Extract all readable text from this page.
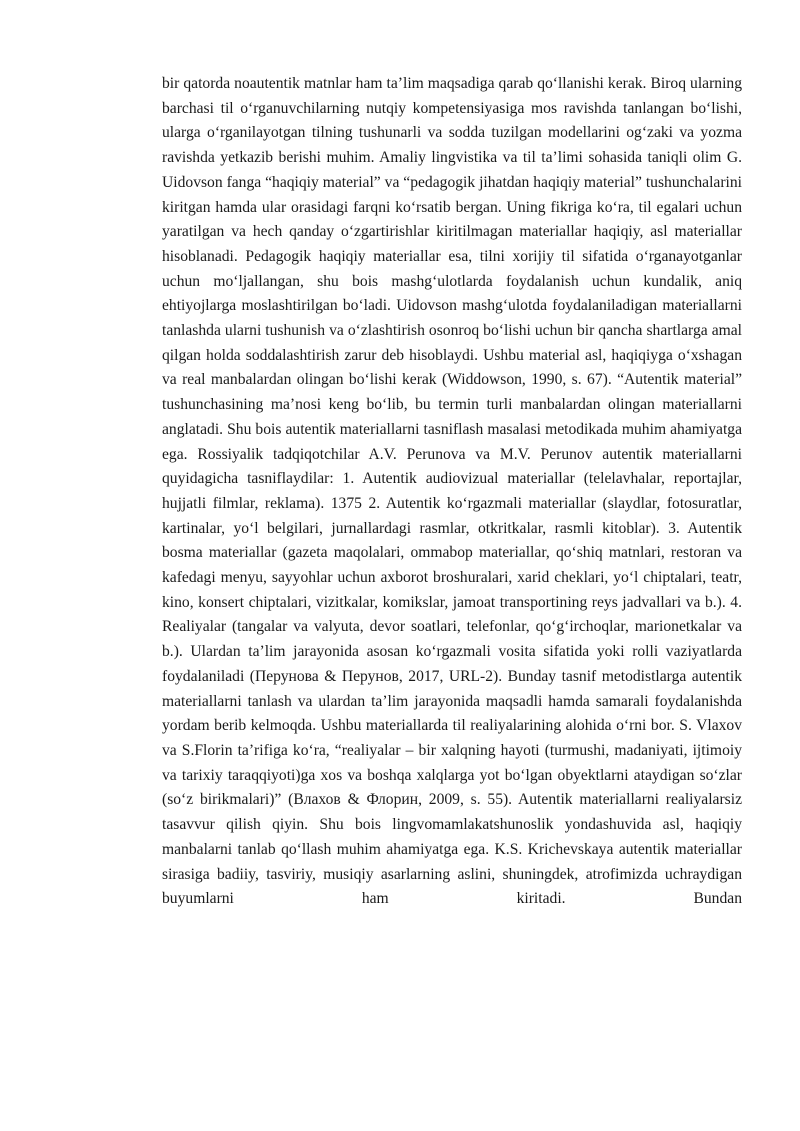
bir qatorda noautentik matnlar ham ta’lim maqsadiga qarab qo‘llanishi kerak. Biroq ularning barchasi til o‘rganuvchilarning nutqiy kompetensiyasiga mos ravishda tanlangan bo‘lishi, ularga o‘rganilayotgan tilning tushunarli va sodda tuzilgan modellarini og‘zaki va yozma ravishda yetkazib berishi muhim. Amaliy lingvistika va til ta’limi sohasida taniqli olim G. Uidovson fanga “haqiqiy material” va “pedagogik jihatdan haqiqiy material” tushunchalarini kiritgan hamda ular orasidagi farqni ko‘rsatib bergan. Uning fikriga ko‘ra, til egalari uchun yaratilgan va hech qanday o‘zgartirishlar kiritilmagan materiallar haqiqiy, asl materiallar hisoblanadi. Pedagogik haqiqiy materiallar esa, tilni xorijiy til sifatida o‘rganayotganlar uchun mo‘ljallangan, shu bois mashg‘ulotlarda foydalanish uchun kundalik, aniq ehtiyojlarga moslashtirilgan bo‘ladi. Uidovson mashg‘ulotda foydalaniladigan materiallarni tanlashda ularni tushunish va o‘zlashtirish osonroq bo‘lishi uchun bir qancha shartlarga amal qilgan holda soddalashtirish zarur deb hisoblaydi. Ushbu material asl, haqiqiyga o‘xshagan va real manbalardan olingan bo‘lishi kerak (Widdowson, 1990, s. 67). “Autentik material” tushunchasining ma’nosi keng bo‘lib, bu termin turli manbalardan olingan materiallarni anglatadi. Shu bois autentik materiallarni tasniflash masalasi metodikada muhim ahamiyatga ega. Rossiyalik tadqiqotchilar A.V. Perunova va M.V. Perunov autentik materiallarni quyidagicha tasniflaydilar: 1. Autentik audiovizual materiallar (telelavhalar, reportajlar, hujjatli filmlar, reklama). 1375 2. Autentik ko‘rgazmali materiallar (slaydlar, fotosuratlar, kartinalar, yo‘l belgilari, jurnallardagi rasmlar, otkritkalar, rasmli kitoblar). 3. Autentik bosma materiallar (gazeta maqolalari, ommabop materiallar, qo‘shiq matnlari, restoran va kafedagi menyu, sayyohlar uchun axborot broshuralari, xarid cheklari, yo‘l chiptalari, teatr, kino, konsert chiptalari, vizitkalar, komikslar, jamoat transportining reys jadvallari va b.). 4. Realiyalar (tangalar va valyuta, devor soatlari, telefonlar, qo‘g‘irchoqlar, marionetkalar va b.). Ulardan ta’lim jarayonida asosan ko‘rgazmali vosita sifatida yoki rolli vaziyatlarda foydalaniladi (Перунова & Перунов, 2017, URL-2). Bunday tasnif metodistlarga autentik materiallarni tanlash va ulardan ta’lim jarayonida maqsadli hamda samarali foydalanishda yordam berib kelmoqda. Ushbu materiallarda til realiyalarining alohida o‘rni bor. S. Vlaxov va S.Florin ta’rifiga ko‘ra, “realiyalar – bir xalqning hayoti (turmushi, madaniyati, ijtimoiy va tarixiy taraqqiyoti)ga xos va boshqa xalqlarga yot bo‘lgan obyektlarni ataydigan so‘zlar (so‘z birikmalari)” (Влахов & Флорин, 2009, s. 55). Autentik materiallarni realiyalarsiz tasavvur qilish qiyin. Shu bois lingvomamlakatshunoslik yondashuvida asl, haqiqiy manbalarni tanlab qo‘llash muhim ahamiyatga ega. K.S. Krichevskaya autentik materiallar sirasiga badiiy, tasviriy, musiqiy asarlarning aslini, shuningdek, atrofimizda uchraydigan buyumlarni ham kiritadi. Bundan
